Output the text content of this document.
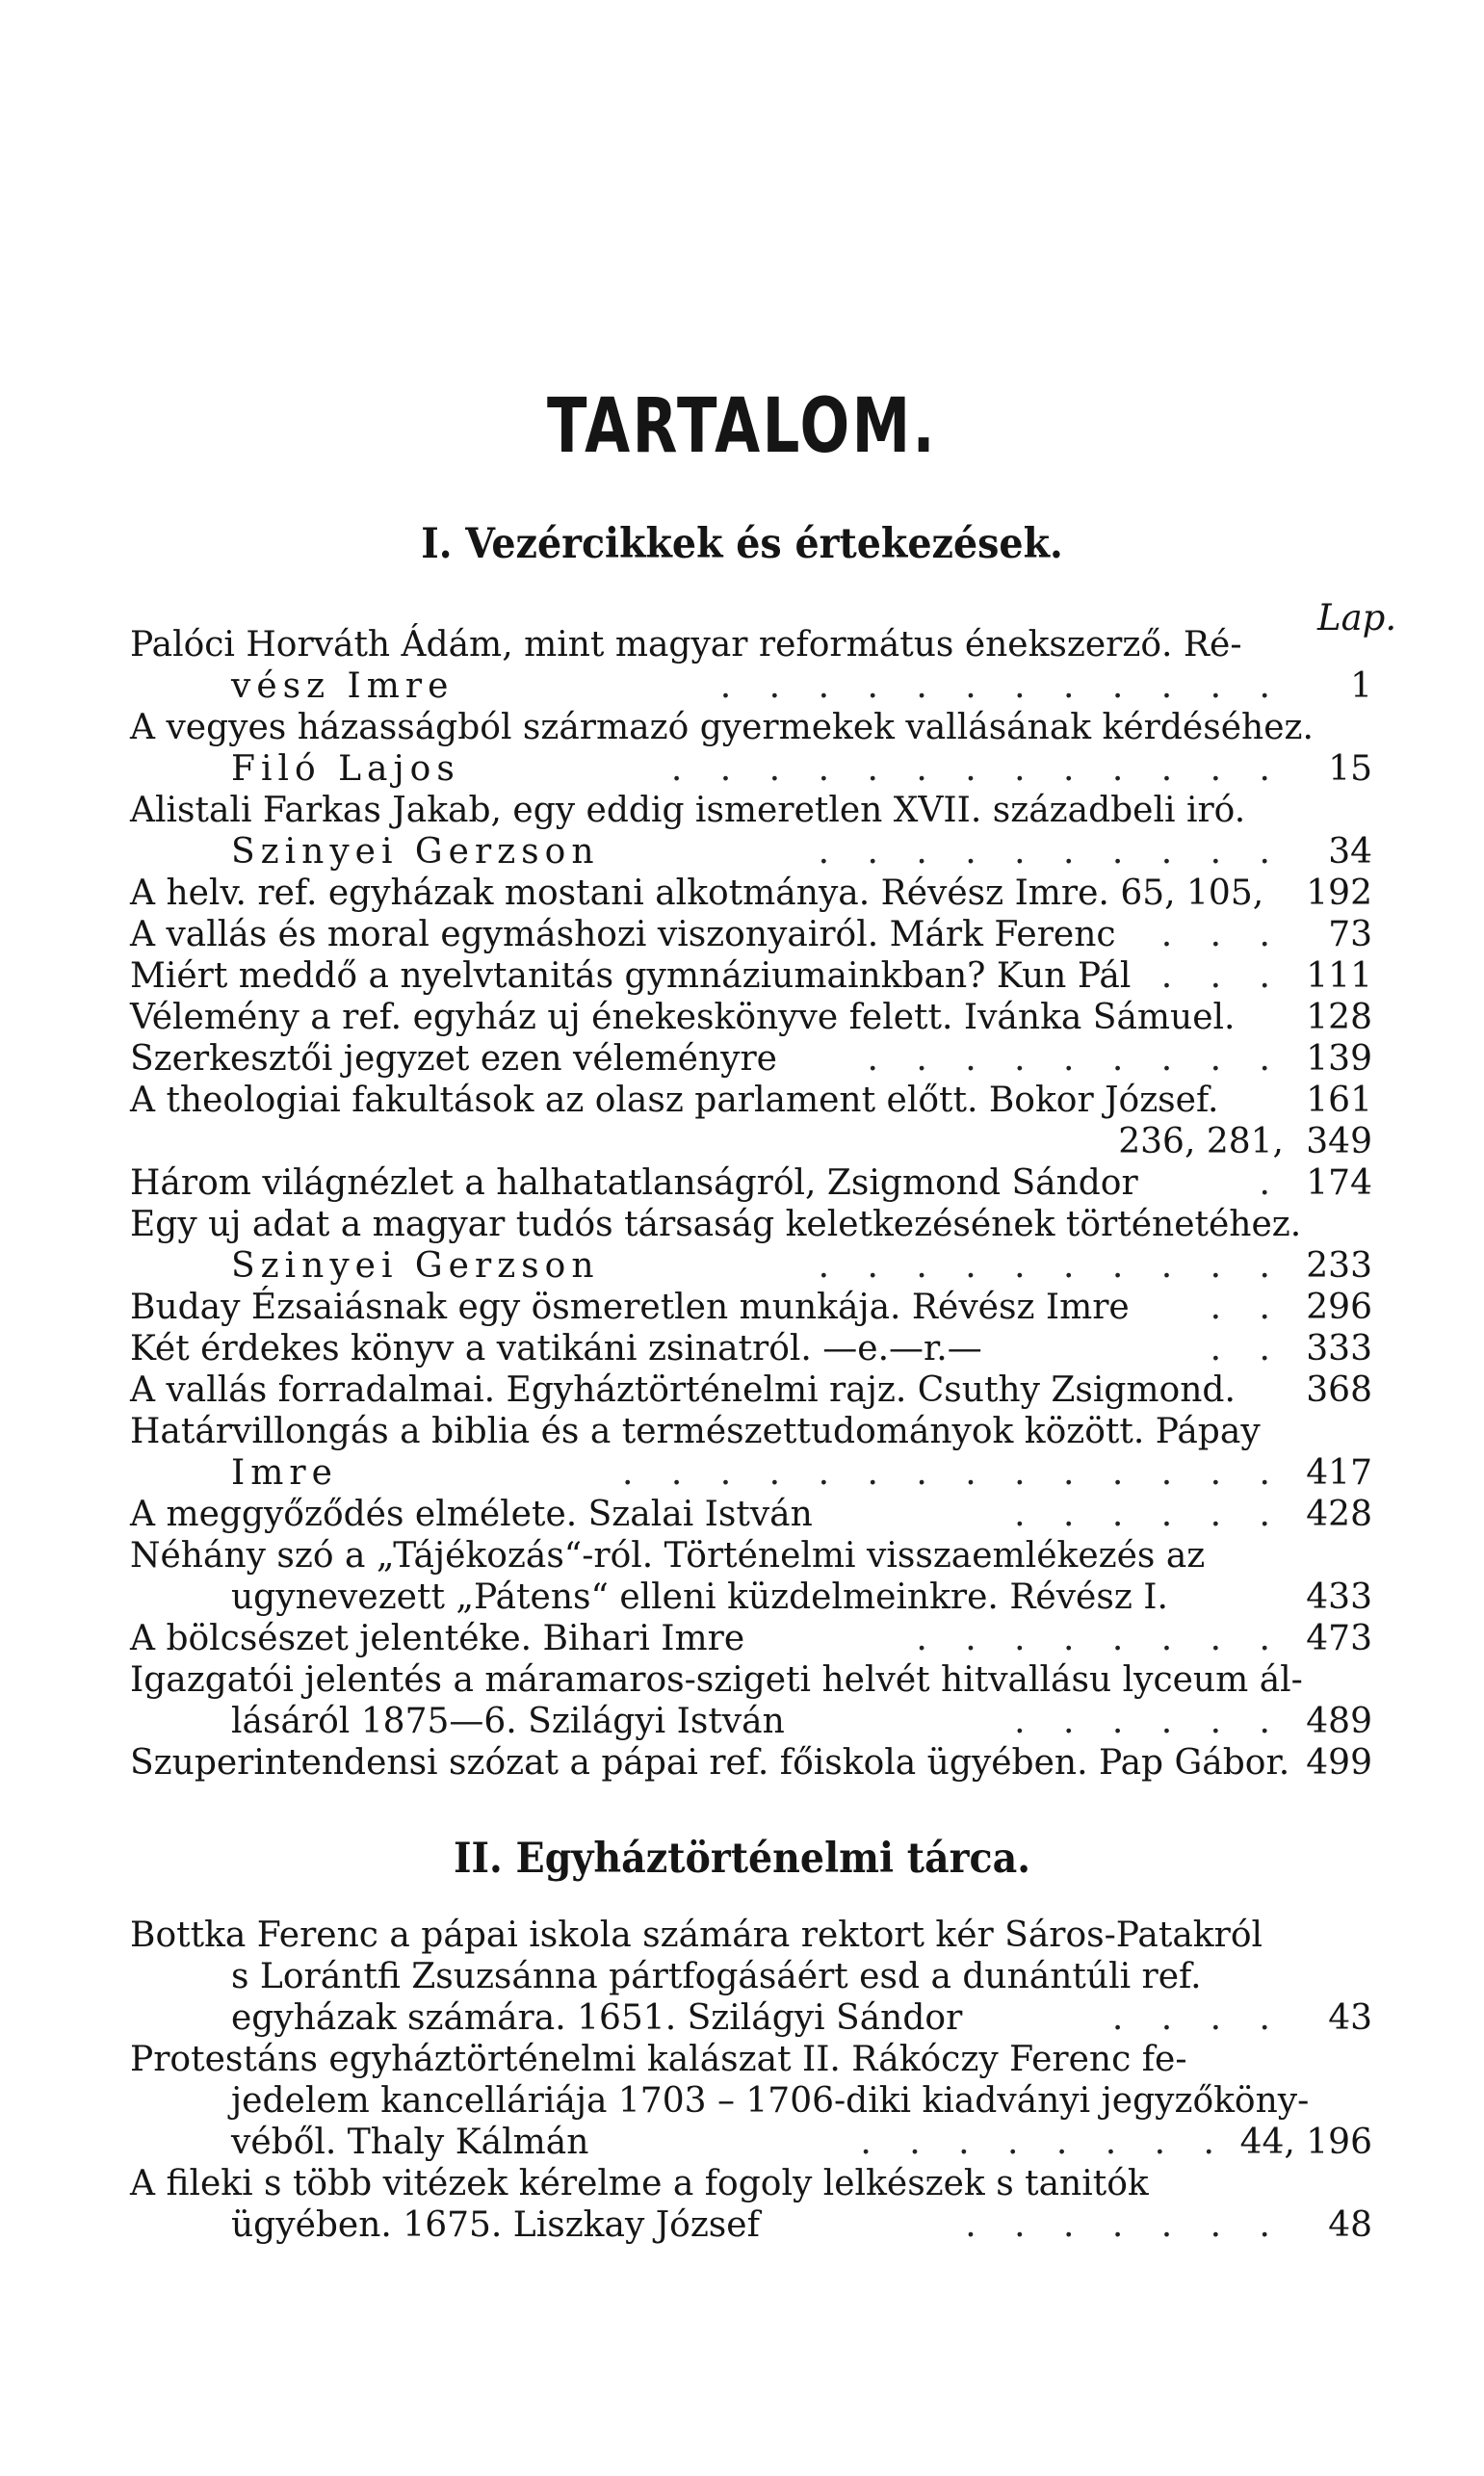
TARTALOM.
I. Vezércikkek és értekezések.
Lap.
Palóci Horváth Ádám, mint magyar református énekszerző. Ré-
vész Imre	. . . . . . . . . . . . 1
A vegyes házasságból származó gyermekek vallásának kérdéséhez.
Filó Lajos	. . . . . . . . . . . . . 15
Alistali Farkas Jakab, egy eddig ismeretlen XVII. századbeli iró.
Szinyei Gerzson	. . . . . . . . . . 34
A helv. ref. egyházak mostani alkotmánya. Révész Imre. 65, 105, 192
A vallás és moral egymáshozi viszonyairól. Márk Ferenc . . . 73
Miért meddő a nyelvtanitás gymnáziumainkban? Kun Pál . . . 111
Vélemény a ref. egyház uj énekeskönyve felett. Ivánka Sámuel. 128
Szerkesztői jegyzet ezen véleményre	. . . . . . . . . 139
A theologiai fakultások az olasz parlament előtt. Bokor József.	161
236, 281, 349
Három világnézlet a halhatatlanságról, Zsigmond Sándor	. 174
Egy uj adat a magyar tudós társaság keletkezésének történetéhez.
Szinyei Gerzson	. . . . . . . . . . 233
Buday Ézsaiásnak egy ösmeretlen munkája. Révész Imre . . 296
Két érdekes könyv a vatikáni zsinatról. —e.—r.—	. . 333
A vallás forradalmai. Egyháztörténelmi rajz. Csuthy Zsigmond. 368
Határvillongás a biblia és a természettudományok között. Pápay
Imre	. . . . . . . . . . . . . . 417
A meggyőződés elmélete. Szalai István	. . . . . . 428
Néhány szó a „Tájékozás“-ról. Történelmi visszaemlékezés az
ugynevezett „Pátens“ elleni küzdelmeinkre. Révész I.	433
A bölcsészet jelentéke. Bihari Imre	. . . . . . . . 473
Igazgatói jelentés a máramaros-szigeti helvét hitvallásu lyceum ál-
lásáról 1875—6. Szilágyi István	. . . . . . 489
Szuperintendensi szózat a pápai ref. főiskola ügyében. Pap Gábor. 499
II. Egyháztörténelmi tárca.
Bottka Ferenc a pápai iskola számára rektort kér Sáros-Patakról
s Lorántfi Zsuzsánna pártfogásáért esd a dunántúli ref.
egyházak számára. 1651. Szilágyi Sándor	. . . . 43
Protestáns egyháztörténelmi kalászat II. Rákóczy Ferenc fe-
jedelem kancelláriája 1703 – 1706-diki kiadványi jegyzőköny-
véből. Thaly Kálmán	. . . . . . . . 44, 196
A fileki s több vitézek kérelme a fogoly lelkészek s tanitók
ügyében. 1675. Liszkay József	. . . . . . . 48
